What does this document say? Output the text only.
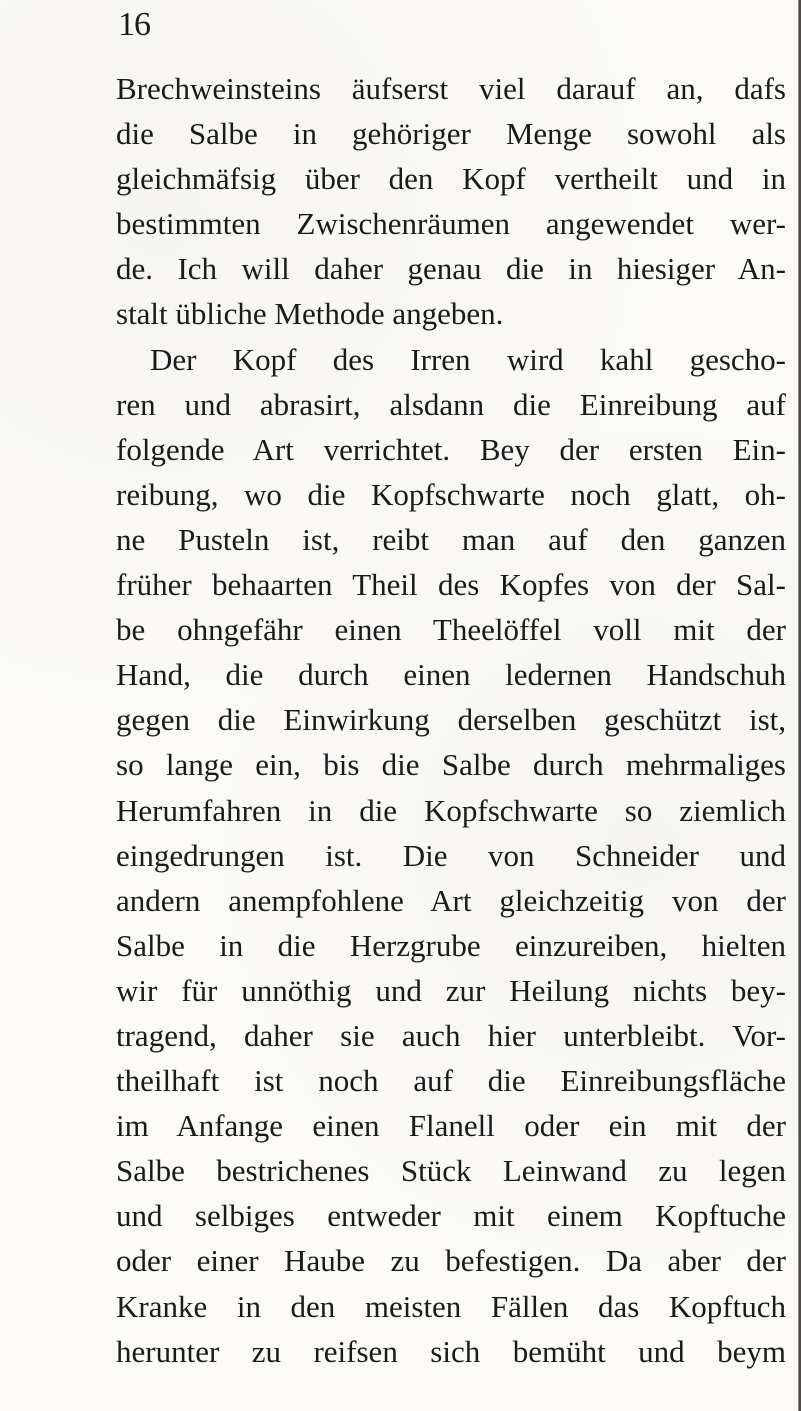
16
Brechweinsteins äufserst viel darauf an, dafs
die Salbe in gehöriger Menge sowohl als
gleichmäfsig über den Kopf vertheilt und in
bestimmten Zwischenräumen angewendet wer-
de. Ich will daher genau die in hiesiger An-
stalt übliche Methode angeben.
Der Kopf des Irren wird kahl gescho-
ren und abrasirt, alsdann die Einreibung auf
folgende Art verrichtet. Bey der ersten Ein-
reibung, wo die Kopfschwarte noch glatt, oh-
ne Pusteln ist, reibt man auf den ganzen
früher behaarten Theil des Kopfes von der Sal-
be ohngefähr einen Theelöffel voll mit der
Hand, die durch einen ledernen Handschuh
gegen die Einwirkung derselben geschützt ist,
so lange ein, bis die Salbe durch mehrmaliges
Herumfahren in die Kopfschwarte so ziemlich
eingedrungen ist. Die von Schneider und
andern anempfohlene Art gleichzeitig von der
Salbe in die Herzgrube einzureiben, hielten
wir für unnöthig und zur Heilung nichts bey-
tragend, daher sie auch hier unterbleibt. Vor-
theilhaft ist noch auf die Einreibungsfläche
im Anfange einen Flanell oder ein mit der
Salbe bestrichenes Stück Leinwand zu legen
und selbiges entweder mit einem Kopftuche
oder einer Haube zu befestigen. Da aber der
Kranke in den meisten Fällen das Kopftuch
herunter zu reifsen sich bemüht und beym
